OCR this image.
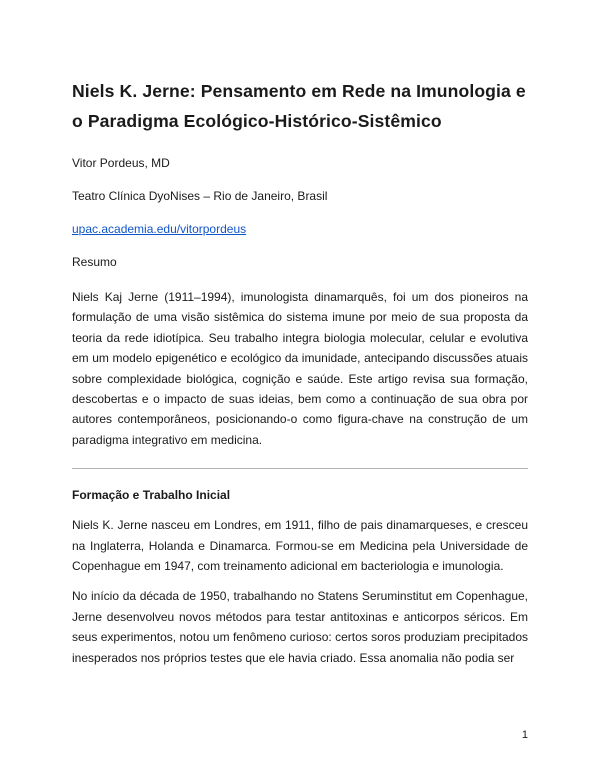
Niels K. Jerne: Pensamento em Rede na Imunologia e o Paradigma Ecológico-Histórico-Sistêmico

Vitor Pordeus, MD

Teatro Clínica DyoNises – Rio de Janeiro, Brasil

upac.academia.edu/vitorpordeus

Resumo

Niels Kaj Jerne (1911–1994), imunologista dinamarquês, foi um dos pioneiros na formulação de uma visão sistêmica do sistema imune por meio de sua proposta da teoria da rede idiotípica. Seu trabalho integra biologia molecular, celular e evolutiva em um modelo epigenético e ecológico da imunidade, antecipando discussões atuais sobre complexidade biológica, cognição e saúde. Este artigo revisa sua formação, descobertas e o impacto de suas ideias, bem como a continuação de sua obra por autores contemporâneos, posicionando-o como figura-chave na construção de um paradigma integrativo em medicina.

Formação e Trabalho Inicial

Niels K. Jerne nasceu em Londres, em 1911, filho de pais dinamarqueses, e cresceu na Inglaterra, Holanda e Dinamarca. Formou-se em Medicina pela Universidade de Copenhague em 1947, com treinamento adicional em bacteriologia e imunologia.

No início da década de 1950, trabalhando no Statens Seruminstitut em Copenhague, Jerne desenvolveu novos métodos para testar antitoxinas e anticorpos séricos. Em seus experimentos, notou um fenômeno curioso: certos soros produziam precipitados inesperados nos próprios testes que ele havia criado. Essa anomalia não podia ser

1
